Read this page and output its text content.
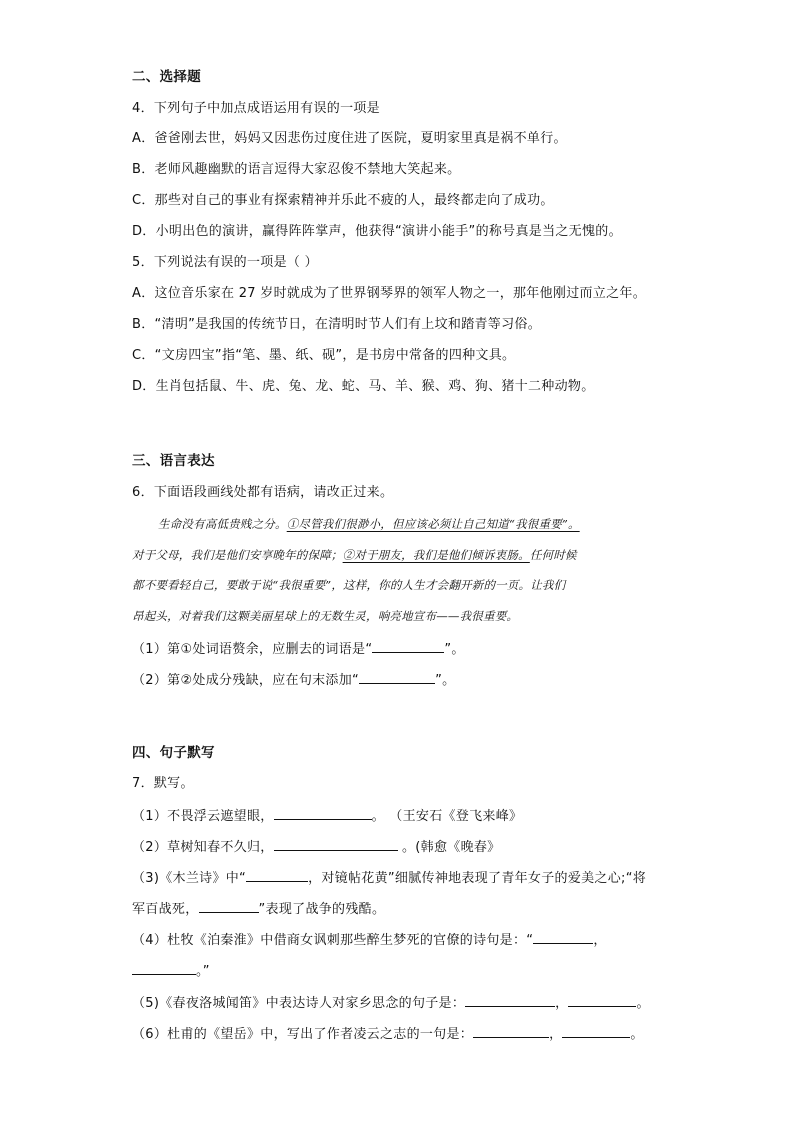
二、选择题
4．下列句子中加点成语运用有误的一项是
A．爸爸刚去世，妈妈又因悲伤过度住进了医院，夏明家里真是祸不单行。
B．老师风趣幽默的语言逗得大家忍俊不禁地大笑起来。
C．那些对自己的事业有探索精神并乐此不疲的人，最终都走向了成功。
D．小明出色的演讲，赢得阵阵掌声，他获得“演讲小能手”的称号真是当之无愧的。
5．下列说法有误的一项是（ ）
A．这位音乐家在 27 岁时就成为了世界钢琴界的领军人物之一，那年他刚过而立之年。
B．“清明”是我国的传统节日，在清明时节人们有上坟和踏青等习俗。
C．“文房四宝”指“笔、墨、纸、砚”，是书房中常备的四种文具。
D．生肖包括鼠、牛、虎、兔、龙、蛇、马、羊、猴、鸡、狗、猪十二种动物。
三、语言表达
6．下面语段画线处都有语病，请改正过来。
生命没有高低贵贱之分。①尽管我们很渺小，但应该必须让自己知道“我很重要”。
对于父母，我们是他们安享晚年的保障；②对于朋友，我们是他们倾诉衷肠。任何时候
都不要看轻自己，要敢于说“我很重要”，这样，你的人生才会翻开新的一页。让我们
昂起头，对着我们这颗美丽星球上的无数生灵，响亮地宣布——我很重要。
（1）第①处词语赘余，应删去的词语是“	”。
（2）第②处成分残缺，应在句末添加“	”。
四、句子默写
7．默写。
（1）不畏浮云遮望眼，	。 （王安石《登飞来峰》
（2）草树知春不久归，	。(韩愈《晚春》
（3)《木兰诗》中“	，对镜帖花黄”细腻传神地表现了青年女子的爱美之心;“将
军百战死，	”表现了战争的残酷。
（4）杜牧《泊秦淮》中借商女讽刺那些醉生梦死的官僚的诗句是：“	，
。”
（5)《春夜洛城闻笛》中表达诗人对家乡思念的句子是：	，	。
（6）杜甫的《望岳》中，写出了作者凌云之志的一句是：	，	。
